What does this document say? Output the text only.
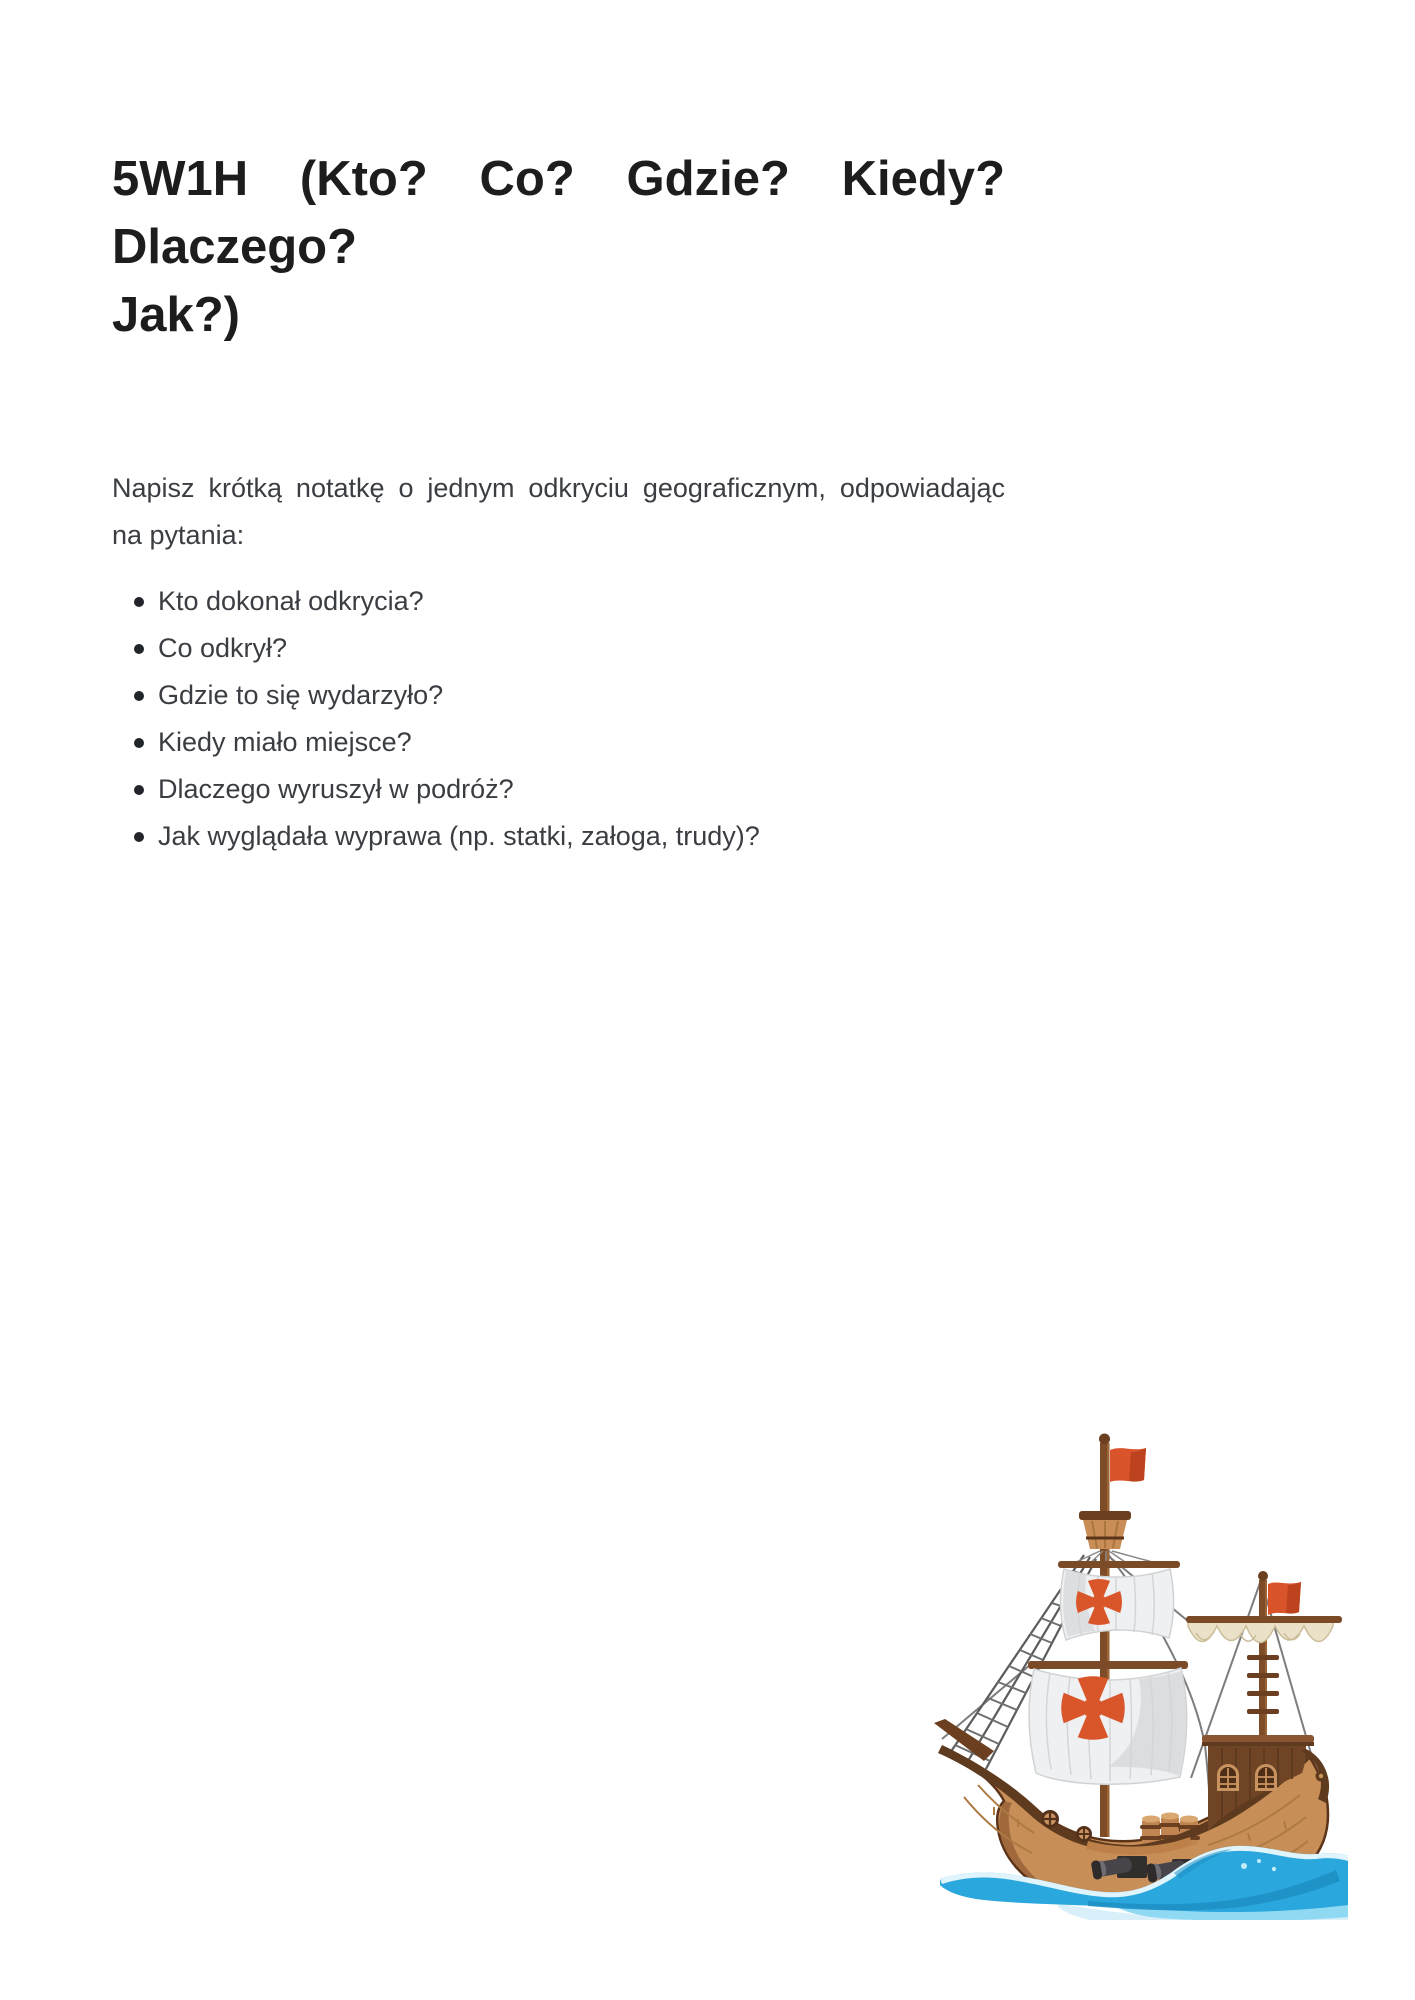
5W1H (Kto? Co? Gdzie? Kiedy? Dlaczego?
Jak?)

Napisz krótką notatkę o jednym odkryciu geograficznym, odpowiadając
na pytania:

Kto dokonał odkrycia?
Co odkrył?
Gdzie to się wydarzyło?
Kiedy miało miejsce?
Dlaczego wyruszył w podróż?
Jak wyglądała wyprawa (np. statki, załoga, trudy)?
